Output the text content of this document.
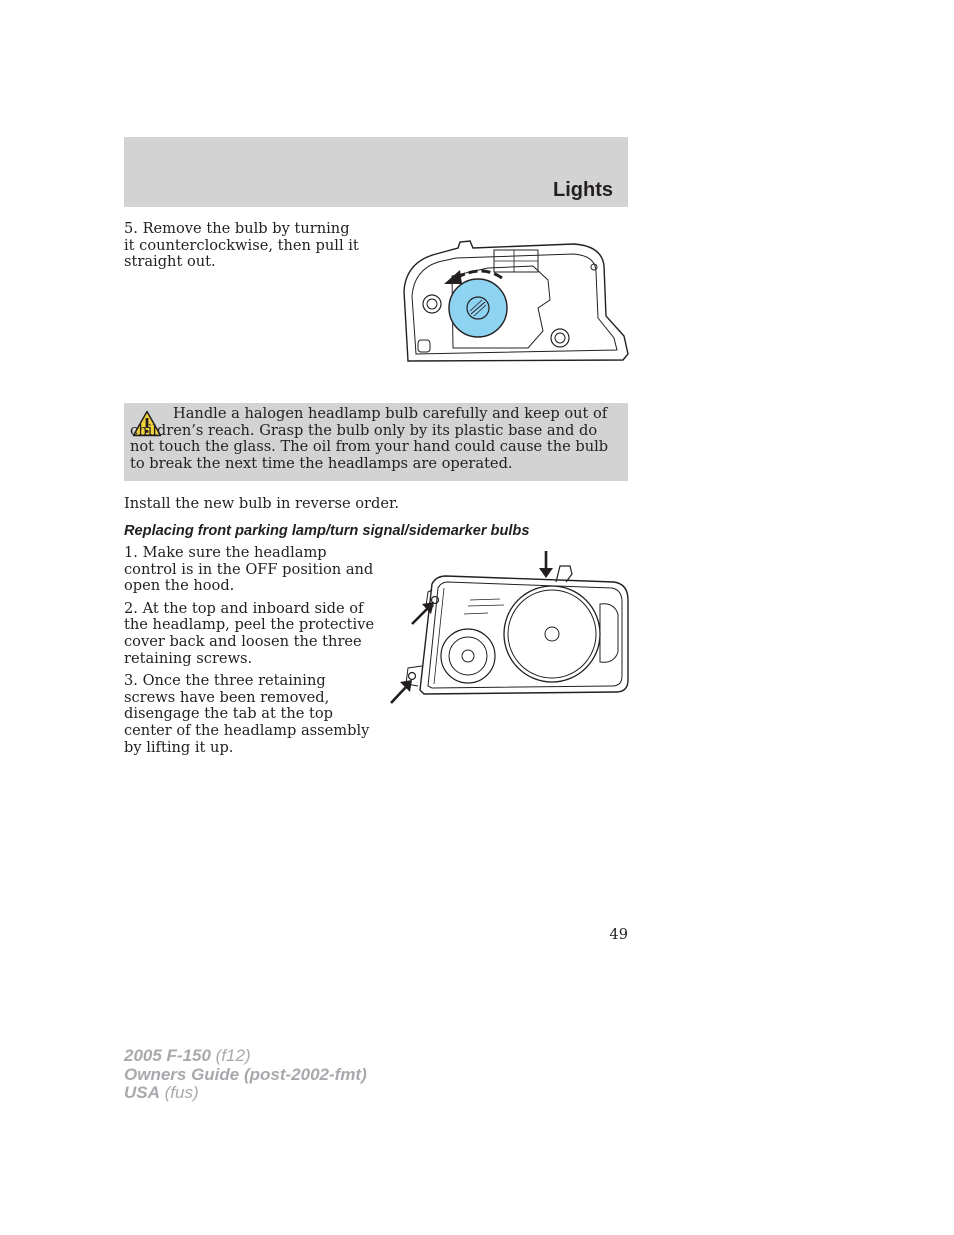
Lights

5. Remove the bulb by turning it counterclockwise, then pull it straight out.

Handle a halogen headlamp bulb carefully and keep out of children’s reach. Grasp the bulb only by its plastic base and do not touch the glass. The oil from your hand could cause the bulb to break the next time the headlamps are operated.

Install the new bulb in reverse order.

Replacing front parking lamp/turn signal/sidemarker bulbs

1. Make sure the headlamp control is in the OFF position and open the hood.

2. At the top and inboard side of the headlamp, peel the protective cover back and loosen the three retaining screws.

3. Once the three retaining screws have been removed, disengage the tab at the top center of the headlamp assembly by lifting it up.

49
2005 F-150 (f12)
Owners Guide (post-2002-fmt)
USA (fus)
